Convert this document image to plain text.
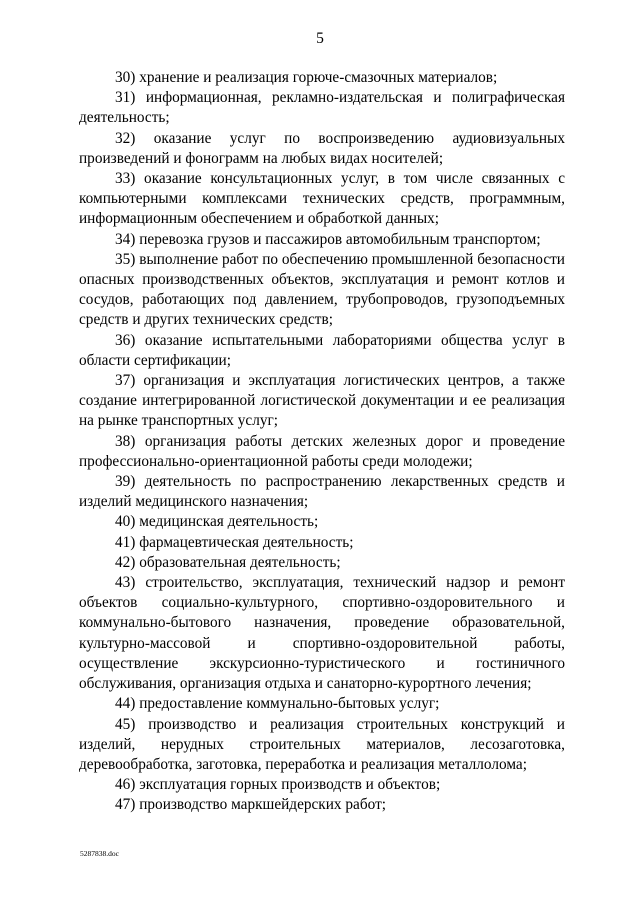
5

30) хранение и реализация горюче-смазочных материалов;

31) информационная, рекламно-издательская и полиграфическая деятельность;

32) оказание услуг по воспроизведению аудиовизуальных произведений и фонограмм на любых видах носителей;

33) оказание консультационных услуг, в том числе связанных с компьютерными комплексами технических средств, программным, информационным обеспечением и обработкой данных;

34) перевозка грузов и пассажиров автомобильным транспортом;

35) выполнение работ по обеспечению промышленной безопасности опасных производственных объектов, эксплуатация и ремонт котлов и сосудов, работающих под давлением, трубопроводов, грузоподъемных средств и других технических средств;

36) оказание испытательными лабораториями общества услуг в области сертификации;

37) организация и эксплуатация логистических центров, а также создание интегрированной логистической документации и ее реализация на рынке транспортных услуг;

38) организация работы детских железных дорог и проведение профессионально-ориентационной работы среди молодежи;

39) деятельность по распространению лекарственных средств и изделий медицинского назначения;

40) медицинская деятельность;

41) фармацевтическая деятельность;

42) образовательная деятельность;

43) строительство, эксплуатация, технический надзор и ремонт объектов социально-культурного, спортивно-оздоровительного и коммунально-бытового назначения, проведение образовательной, культурно-массовой и спортивно-оздоровительной работы, осуществление экскурсионно-туристического и гостиничного обслуживания, организация отдыха и санаторно-курортного лечения;

44) предоставление коммунально-бытовых услуг;

45) производство и реализация строительных конструкций и изделий, нерудных строительных материалов, лесозаготовка, деревообработка, заготовка, переработка и реализация металлолома;

46) эксплуатация горных производств и объектов;

47) производство маркшейдерских работ;

5287838.doc
